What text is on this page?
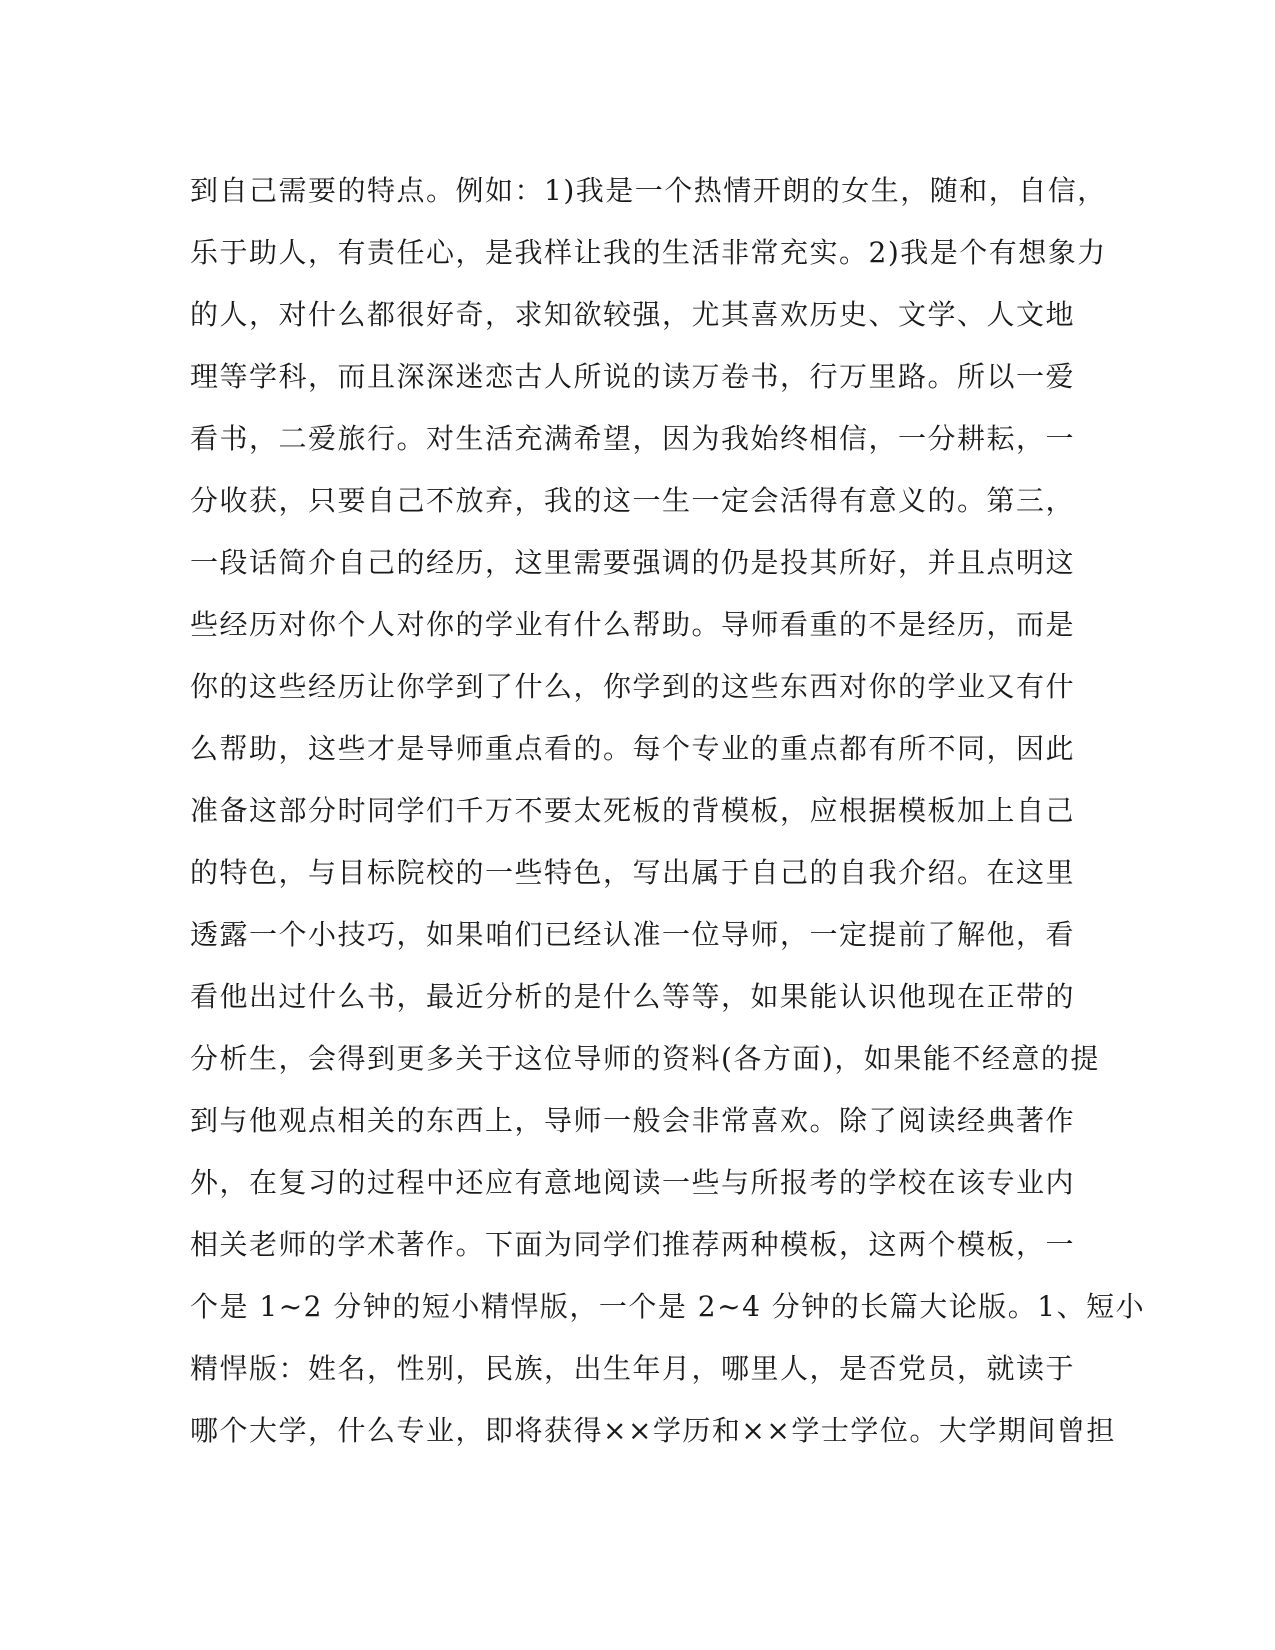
到自己需要的特点。例如：1)我是一个热情开朗的女生，随和，自信，
乐于助人，有责任心，是我样让我的生活非常充实。2)我是个有想象力
的人，对什么都很好奇，求知欲较强，尤其喜欢历史、文学、人文地
理等学科，而且深深迷恋古人所说的读万卷书，行万里路。所以一爱
看书，二爱旅行。对生活充满希望，因为我始终相信，一分耕耘，一
分收获，只要自己不放弃，我的这一生一定会活得有意义的。第三，
一段话简介自己的经历，这里需要强调的仍是投其所好，并且点明这
些经历对你个人对你的学业有什么帮助。导师看重的不是经历，而是
你的这些经历让你学到了什么，你学到的这些东西对你的学业又有什
么帮助，这些才是导师重点看的。每个专业的重点都有所不同，因此
准备这部分时同学们千万不要太死板的背模板，应根据模板加上自己
的特色，与目标院校的一些特色，写出属于自己的自我介绍。在这里
透露一个小技巧，如果咱们已经认准一位导师，一定提前了解他，看
看他出过什么书，最近分析的是什么等等，如果能认识他现在正带的
分析生，会得到更多关于这位导师的资料(各方面)，如果能不经意的提
到与他观点相关的东西上，导师一般会非常喜欢。除了阅读经典著作
外，在复习的过程中还应有意地阅读一些与所报考的学校在该专业内
相关老师的学术著作。下面为同学们推荐两种模板，这两个模板，一
个是 1~2 分钟的短小精悍版，一个是 2~4 分钟的长篇大论版。1、短小
精悍版：姓名，性别，民族，出生年月，哪里人，是否党员，就读于
哪个大学，什么专业，即将获得××学历和××学士学位。大学期间曾担
